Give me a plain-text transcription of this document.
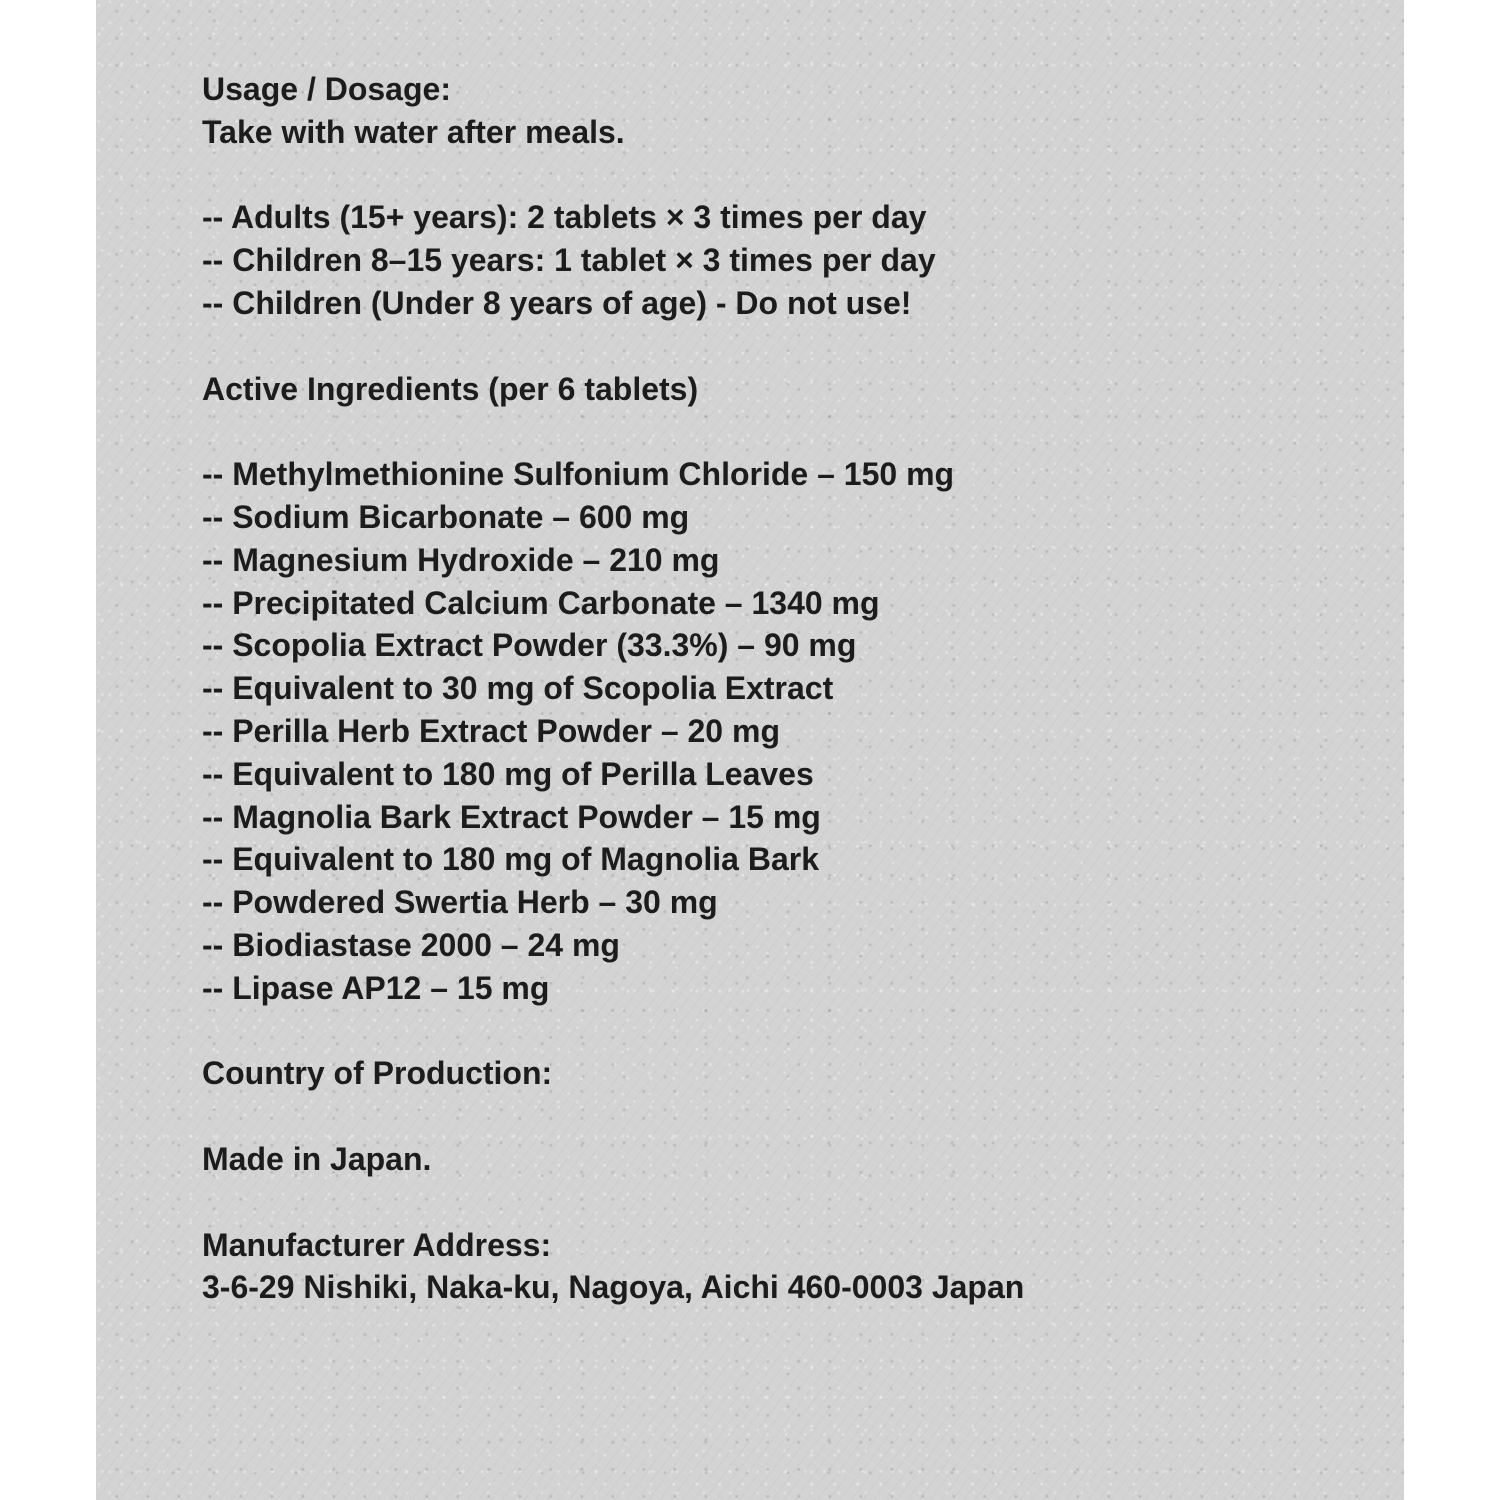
Usage / Dosage:
Take with water after meals.
-- Adults (15+ years): 2 tablets × 3 times per day
-- Children 8–15 years: 1 tablet × 3 times per day
-- Children (Under 8 years of age) - Do not use!
Active Ingredients (per 6 tablets)
-- Methylmethionine Sulfonium Chloride – 150 mg
-- Sodium Bicarbonate – 600 mg
-- Magnesium Hydroxide – 210 mg
-- Precipitated Calcium Carbonate – 1340 mg
-- Scopolia Extract Powder (33.3%) – 90 mg
-- Equivalent to 30 mg of Scopolia Extract
-- Perilla Herb Extract Powder – 20 mg
-- Equivalent to 180 mg of Perilla Leaves
-- Magnolia Bark Extract Powder – 15 mg
-- Equivalent to 180 mg of Magnolia Bark
-- Powdered Swertia Herb – 30 mg
-- Biodiastase 2000 – 24 mg
-- Lipase AP12 – 15 mg
Country of Production:
Made in Japan.
Manufacturer Address:
3-6-29 Nishiki, Naka-ku, Nagoya, Aichi 460-0003 Japan
